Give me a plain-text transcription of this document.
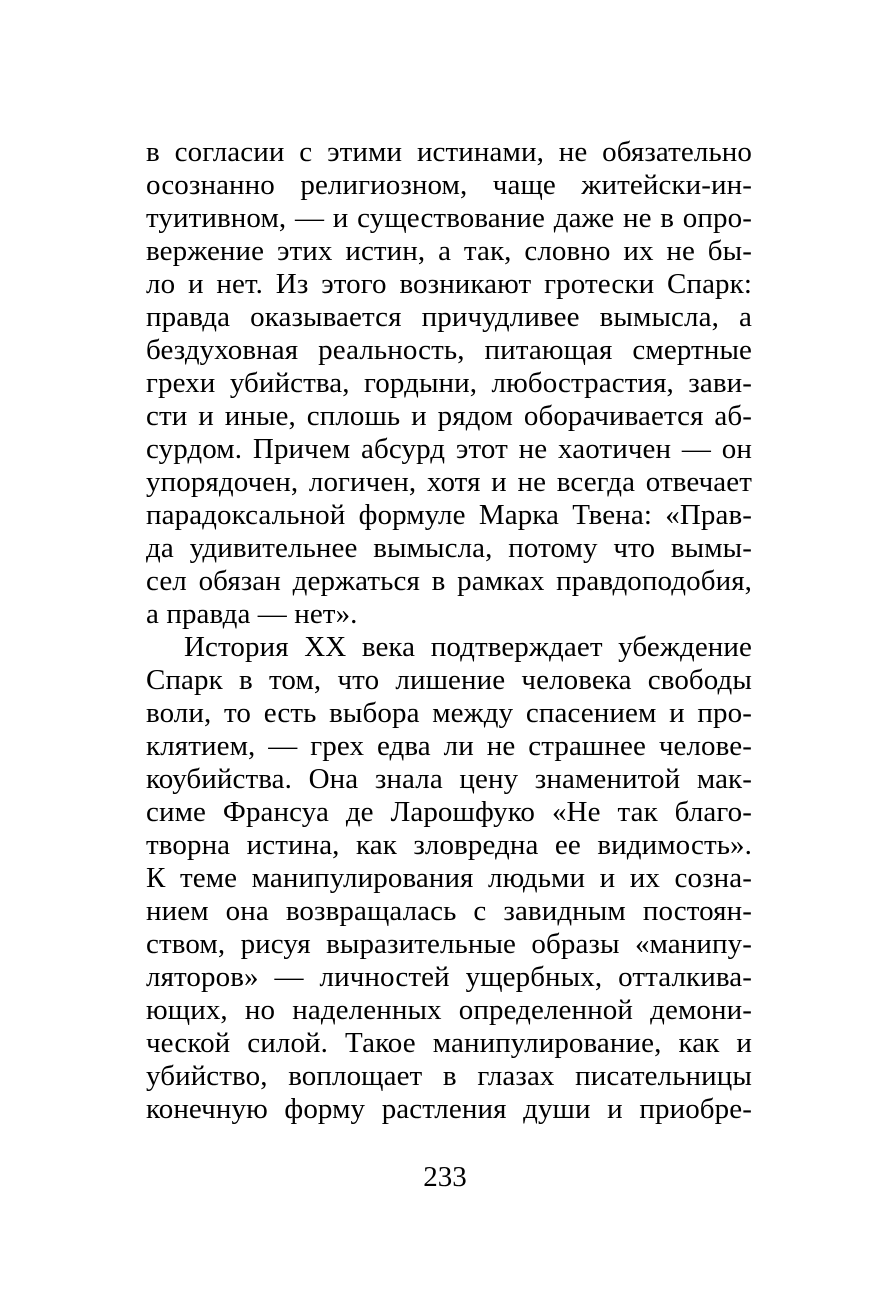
в согласии с этими истинами, не обязательно
осознанно религиозном, чаще житейски-ин-
туитивном, — и существование даже не в опро-
вержение этих истин, а так, словно их не бы-
ло и нет. Из этого возникают гротески Спарк:
правда оказывается причудливее вымысла, а
бездуховная реальность, питающая смертные
грехи убийства, гордыни, любострастия, зави-
сти и иные, сплошь и рядом оборачивается аб-
сурдом. Причем абсурд этот не хаотичен — он
упорядочен, логичен, хотя и не всегда отвечает
парадоксальной формуле Марка Твена: «Прав-
да удивительнее вымысла, потому что вымы-
сел обязан держаться в рамках правдоподобия,
а правда — нет».
История XX века подтверждает убеждение
Спарк в том, что лишение человека свободы
воли, то есть выбора между спасением и про-
клятием, — грех едва ли не страшнее челове-
коубийства. Она знала цену знаменитой мак-
симе Франсуа де Ларошфуко «Не так благо-
творна истина, как зловредна ее видимость».
К теме манипулирования людьми и их созна-
нием она возвращалась с завидным постоян-
ством, рисуя выразительные образы «манипу-
ляторов» — личностей ущербных, отталкива-
ющих, но наделенных определенной демони-
ческой силой. Такое манипулирование, как и
убийство, воплощает в глазах писательницы
конечную форму растления души и приобре-
233
